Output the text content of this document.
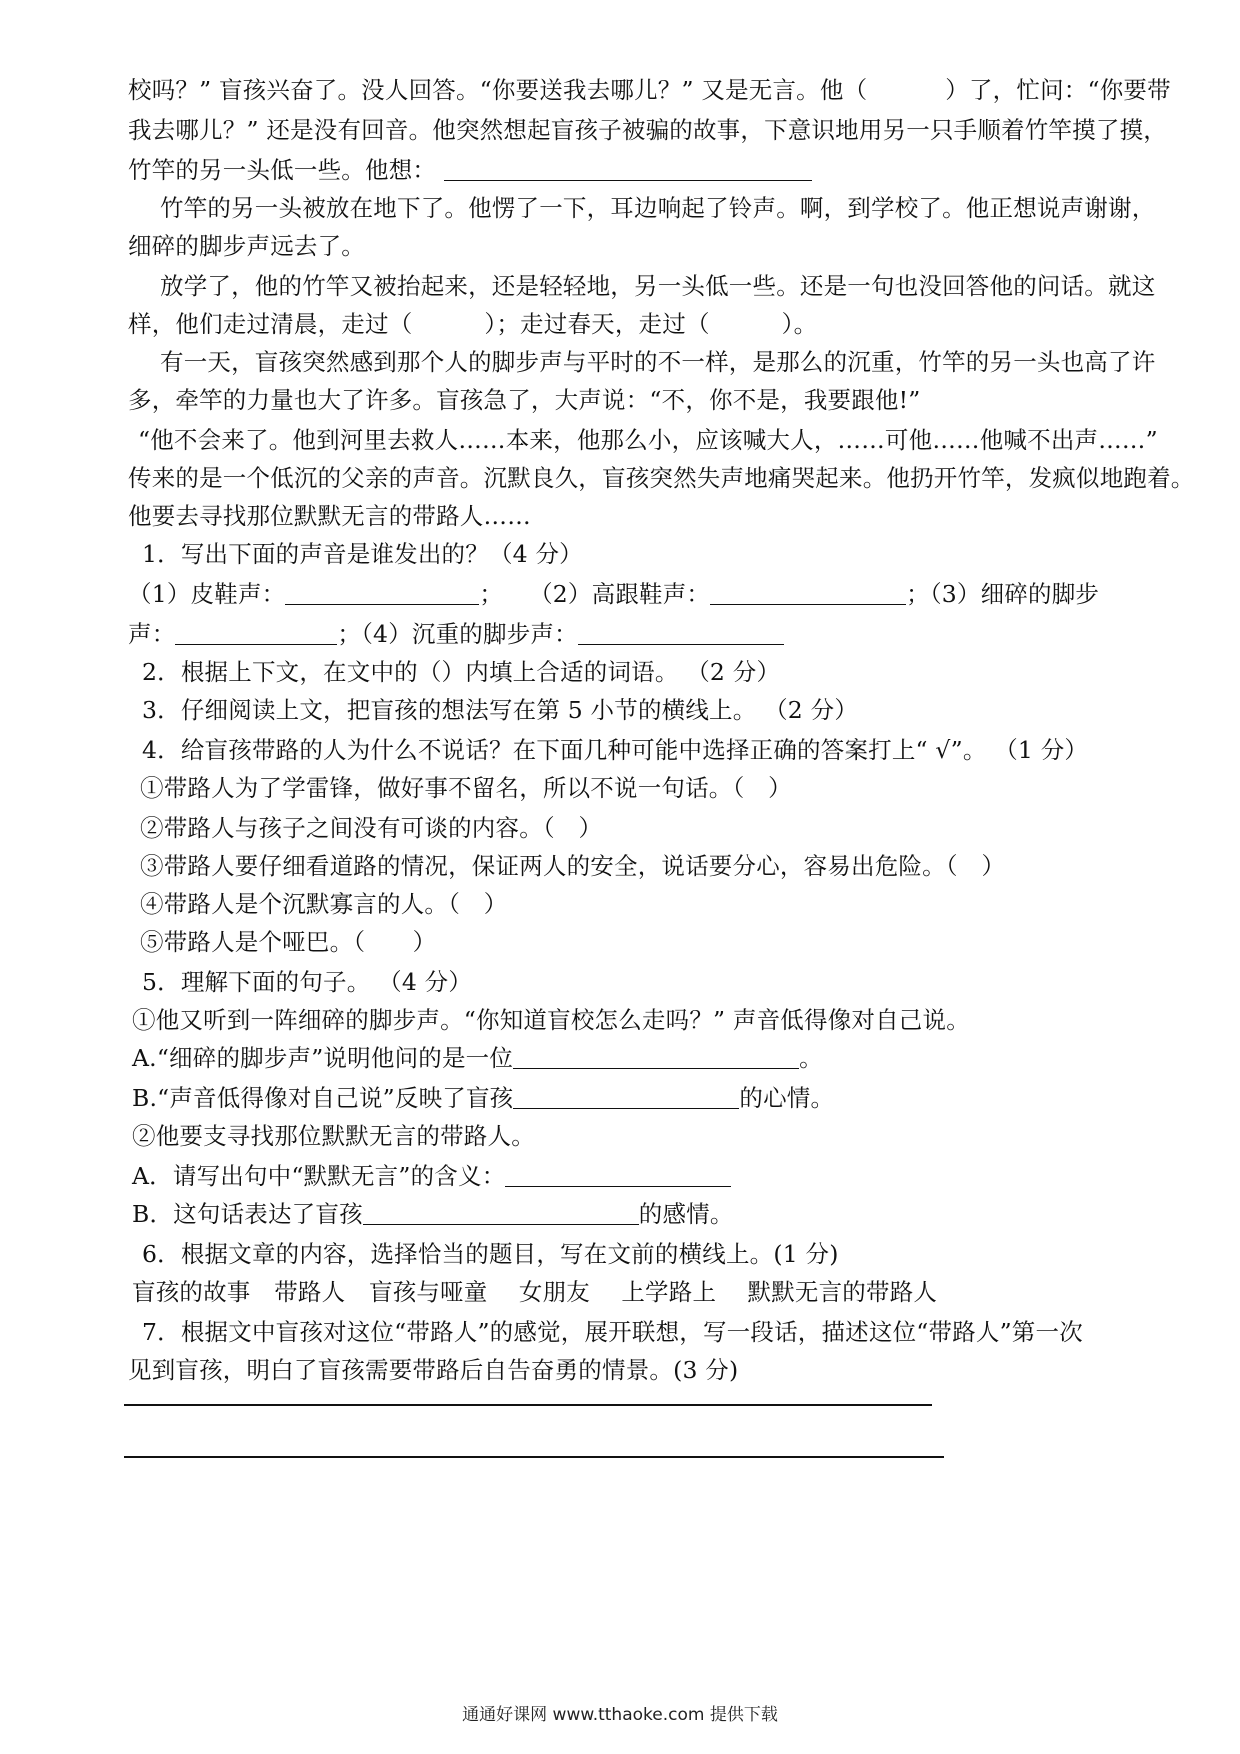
校吗？” 盲孩兴奋了。没人回答。“你要送我去哪儿？” 又是无言。他（	）了，忙问：“你要带
我去哪儿？” 还是没有回音。他突然想起盲孩子被骗的故事，下意识地用另一只手顺着竹竿摸了摸，
竹竿的另一头低一些。他想：
竹竿的另一头被放在地下了。他愣了一下，耳边响起了铃声。啊，到学校了。他正想说声谢谢，
细碎的脚步声远去了。
放学了，他的竹竿又被抬起来，还是轻轻地，另一头低一些。还是一句也没回答他的问话。就这
样，他们走过清晨，走过（	）；走过春天，走过（	）。
有一天，盲孩突然感到那个人的脚步声与平时的不一样，是那么的沉重，竹竿的另一头也高了许
多，牵竿的力量也大了许多。盲孩急了，大声说：“不，你不是，我要跟他!”
“他不会来了。他到河里去救人……本来，他那么小，应该喊大人，……可他……他喊不出声……”
传来的是一个低沉的父亲的声音。沉默良久，盲孩突然失声地痛哭起来。他扔开竹竿，发疯似地跑着。
他要去寻找那位默默无言的带路人……
1．写出下面的声音是谁发出的？（4 分）
（1）皮鞋声：	； （2）高跟鞋声：	；（3）细碎的脚步
声：	；（4）沉重的脚步声：
2．根据上下文，在文中的（）内填上合适的词语。 （2 分）
3．仔细阅读上文，把盲孩的想法写在第 5 小节的横线上。 （2 分）
4．给盲孩带路的人为什么不说话？在下面几种可能中选择正确的答案打上“ √”。 （1 分）
①带路人为了学雷锋，做好事不留名，所以不说一句话。（　）
②带路人与孩子之间没有可谈的内容。（　）
③带路人要仔细看道路的情况，保证两人的安全，说话要分心，容易出危险。（　）
④带路人是个沉默寡言的人。（　）
⑤带路人是个哑巴。（　　）
5．理解下面的句子。 （4 分）
①他又听到一阵细碎的脚步声。“你知道盲校怎么走吗？” 声音低得像对自己说。
A.“细碎的脚步声”说明他问的是一位	。
B.“声音低得像对自己说”反映了盲孩	的心情。
②他要支寻找那位默默无言的带路人。
A．请写出句中“默默无言”的含义：
B．这句话表达了盲孩	的感情。
6．根据文章的内容，选择恰当的题目，写在文前的横线上。(1 分)
盲孩的故事　带路人　盲孩与哑童　 女朋友　 上学路上　 默默无言的带路人
7．根据文中盲孩对这位“带路人”的感觉，展开联想，写一段话，描述这位“带路人”第一次
见到盲孩，明白了盲孩需要带路后自告奋勇的情景。(3 分)
通通好课网 www.tthaoke.com 提供下载
